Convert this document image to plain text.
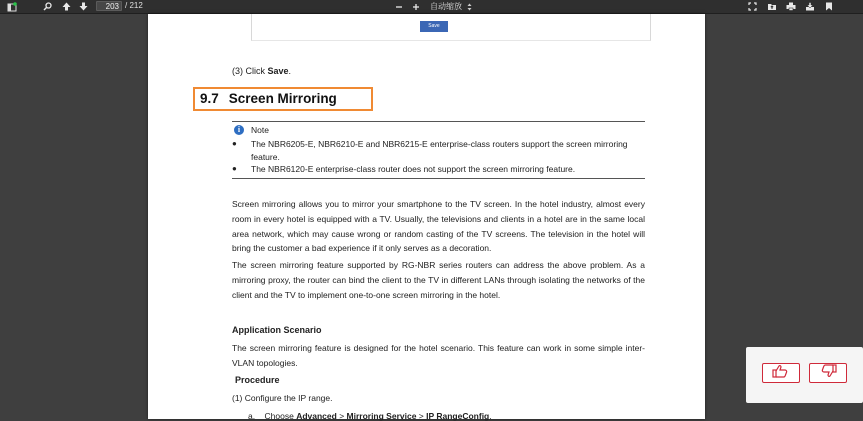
203
/ 212	自动缩放
Save
(3) Click Save.
9.7 Screen Mirroring
i	Note
● The NBR6205-E, NBR6210-E and NBR6215-E enterprise-class routers support the screen mirroring feature.
● The NBR6120-E enterprise-class router does not support the screen mirroring feature.
Screen mirroring allows you to mirror your smartphone to the TV screen. In the hotel industry, almost every room in every hotel is equipped with a TV. Usually, the televisions and clients in a hotel are in the same local area network, which may cause wrong or random casting of the TV screens. The television in the hotel will bring the customer a bad experience if it only serves as a decoration.
The screen mirroring feature supported by RG-NBR series routers can address the above problem. As a mirroring proxy, the router can bind the client to the TV in different LANs through isolating the networks of the client and the TV to implement one-to-one screen mirroring in the hotel.
Application Scenario
The screen mirroring feature is designed for the hotel scenario. This feature can work in some simple inter-VLAN topologies.
Procedure
(1) Configure the IP range.
a.    Choose Advanced > Mirroring Service > IP RangeConfig.
